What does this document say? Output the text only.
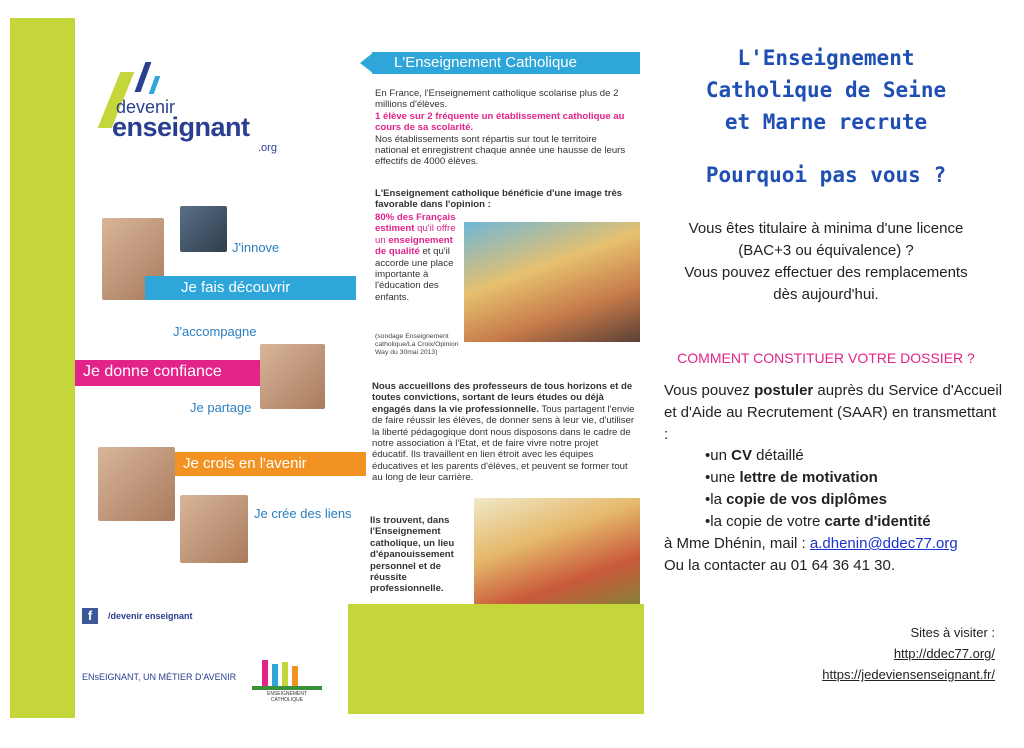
devenir
enseignant
.org
J'innove
Je fais découvrir
J'accompagne
Je donne confiance
Je partage
Je crois en l'avenir
Je crée des liens
f	/devenir enseignant
ENsEIGNANT, UN MÉTIER D'AVENIR
ENSEIGNEMENT CATHOLIQUE
L'Enseignement Catholique
En France, l'Enseignement catholique scolarise plus de 2 millions d'élèves.
1 élève sur 2 fréquente un établissement catholique au cours de sa scolarité.
Nos établissements sont répartis sur tout le territoire national et enregistrent chaque année une hausse de leurs effectifs de 4000 élèves.
L'Enseignement catholique bénéficie d'une image très favorable dans l'opinion :
80% des Français estiment qu'il offre un enseignement de qualité et qu'il accorde une place importante à l'éducation des enfants.
(sondage Enseignement catholique/La Croix/Opinion Way du 30mai 2013)
Nous accueillons des professeurs de tous horizons et de toutes convictions, sortant de leurs études ou déjà engagés dans la vie professionnelle. Tous partagent l'envie de faire réussir les élèves, de donner sens à leur vie, d'utiliser la liberté pédagogique dont nous disposons dans le cadre de notre association à l'Etat, et de faire vivre notre projet éducatif. Ils travaillent en lien étroit avec les équipes éducatives et les parents d'élèves, et peuvent se former tout au long de leur carrière.
Ils trouvent, dans l'Enseignement catholique, un lieu d'épanouissement personnel et de réussite professionnelle.
L'Enseignement
Catholique de Seine
et Marne recrute
Pourquoi pas vous ?
Vous êtes titulaire à minima d'une licence
(BAC+3 ou équivalence) ?
Vous pouvez effectuer des remplacements
dès aujourd'hui.
COMMENT CONSTITUER VOTRE DOSSIER ?
Vous pouvez postuler auprès du Service d'Accueil et d'Aide au Recrutement (SAAR) en transmettant :
•un CV détaillé
•une lettre de motivation
•la copie de vos diplômes
•la copie de votre carte d'identité
à Mme Dhénin, mail : a.dhenin@ddec77.org
Ou la contacter au 01 64 36 41 30.
Sites à visiter :
http://ddec77.org/
https://jedeviensenseignant.fr/
